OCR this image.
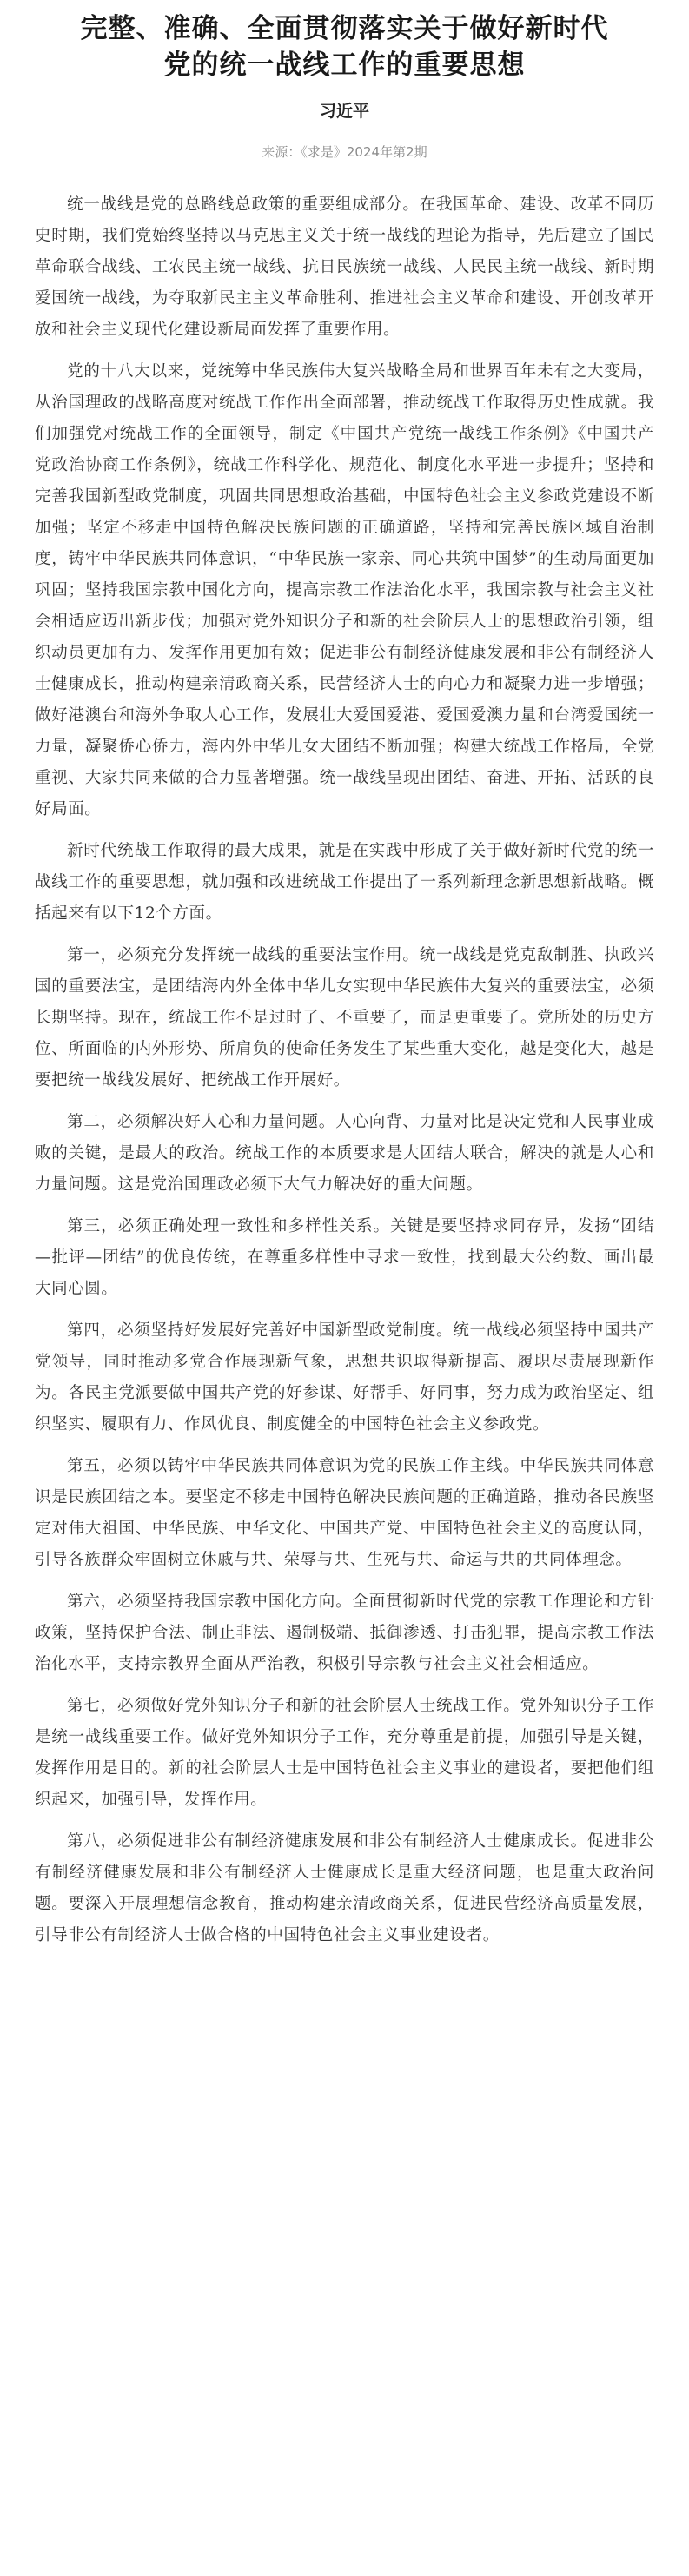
完整、准确、全面贯彻落实关于做好新时代
党的统一战线工作的重要思想
习近平
来源：《求是》2024年第2期

统一战线是党的总路线总政策的重要组成部分。在我国革命、建设、改革不同历史时期，我们党始终坚持以马克思主义关于统一战线的理论为指导，先后建立了国民革命联合战线、工农民主统一战线、抗日民族统一战线、人民民主统一战线、新时期爱国统一战线，为夺取新民主主义革命胜利、推进社会主义革命和建设、开创改革开放和社会主义现代化建设新局面发挥了重要作用。

党的十八大以来，党统筹中华民族伟大复兴战略全局和世界百年未有之大变局，从治国理政的战略高度对统战工作作出全面部署，推动统战工作取得历史性成就。我们加强党对统战工作的全面领导，制定《中国共产党统一战线工作条例》《中国共产党政治协商工作条例》，统战工作科学化、规范化、制度化水平进一步提升；坚持和完善我国新型政党制度，巩固共同思想政治基础，中国特色社会主义参政党建设不断加强；坚定不移走中国特色解决民族问题的正确道路，坚持和完善民族区域自治制度，铸牢中华民族共同体意识，“中华民族一家亲、同心共筑中国梦”的生动局面更加巩固；坚持我国宗教中国化方向，提高宗教工作法治化水平，我国宗教与社会主义社会相适应迈出新步伐；加强对党外知识分子和新的社会阶层人士的思想政治引领，组织动员更加有力、发挥作用更加有效；促进非公有制经济健康发展和非公有制经济人士健康成长，推动构建亲清政商关系，民营经济人士的向心力和凝聚力进一步增强；做好港澳台和海外争取人心工作，发展壮大爱国爱港、爱国爱澳力量和台湾爱国统一力量，凝聚侨心侨力，海内外中华儿女大团结不断加强；构建大统战工作格局，全党重视、大家共同来做的合力显著增强。统一战线呈现出团结、奋进、开拓、活跃的良好局面。

新时代统战工作取得的最大成果，就是在实践中形成了关于做好新时代党的统一战线工作的重要思想，就加强和改进统战工作提出了一系列新理念新思想新战略。概括起来有以下12个方面。

第一，必须充分发挥统一战线的重要法宝作用。统一战线是党克敌制胜、执政兴国的重要法宝，是团结海内外全体中华儿女实现中华民族伟大复兴的重要法宝，必须长期坚持。现在，统战工作不是过时了、不重要了，而是更重要了。党所处的历史方位、所面临的内外形势、所肩负的使命任务发生了某些重大变化，越是变化大，越是要把统一战线发展好、把统战工作开展好。

第二，必须解决好人心和力量问题。人心向背、力量对比是决定党和人民事业成败的关键，是最大的政治。统战工作的本质要求是大团结大联合，解决的就是人心和力量问题。这是党治国理政必须下大气力解决好的重大问题。

第三，必须正确处理一致性和多样性关系。关键是要坚持求同存异，发扬“团结—批评—团结”的优良传统，在尊重多样性中寻求一致性，找到最大公约数、画出最大同心圆。

第四，必须坚持好发展好完善好中国新型政党制度。统一战线必须坚持中国共产党领导，同时推动多党合作展现新气象，思想共识取得新提高、履职尽责展现新作为。各民主党派要做中国共产党的好参谋、好帮手、好同事，努力成为政治坚定、组织坚实、履职有力、作风优良、制度健全的中国特色社会主义参政党。

第五，必须以铸牢中华民族共同体意识为党的民族工作主线。中华民族共同体意识是民族团结之本。要坚定不移走中国特色解决民族问题的正确道路，推动各民族坚定对伟大祖国、中华民族、中华文化、中国共产党、中国特色社会主义的高度认同，引导各族群众牢固树立休戚与共、荣辱与共、生死与共、命运与共的共同体理念。

第六，必须坚持我国宗教中国化方向。全面贯彻新时代党的宗教工作理论和方针政策，坚持保护合法、制止非法、遏制极端、抵御渗透、打击犯罪，提高宗教工作法治化水平，支持宗教界全面从严治教，积极引导宗教与社会主义社会相适应。

第七，必须做好党外知识分子和新的社会阶层人士统战工作。党外知识分子工作是统一战线重要工作。做好党外知识分子工作，充分尊重是前提，加强引导是关键，发挥作用是目的。新的社会阶层人士是中国特色社会主义事业的建设者，要把他们组织起来，加强引导，发挥作用。

第八，必须促进非公有制经济健康发展和非公有制经济人士健康成长。促进非公有制经济健康发展和非公有制经济人士健康成长是重大经济问题，也是重大政治问题。要深入开展理想信念教育，推动构建亲清政商关系，促进民营经济高质量发展，引导非公有制经济人士做合格的中国特色社会主义事业建设者。
